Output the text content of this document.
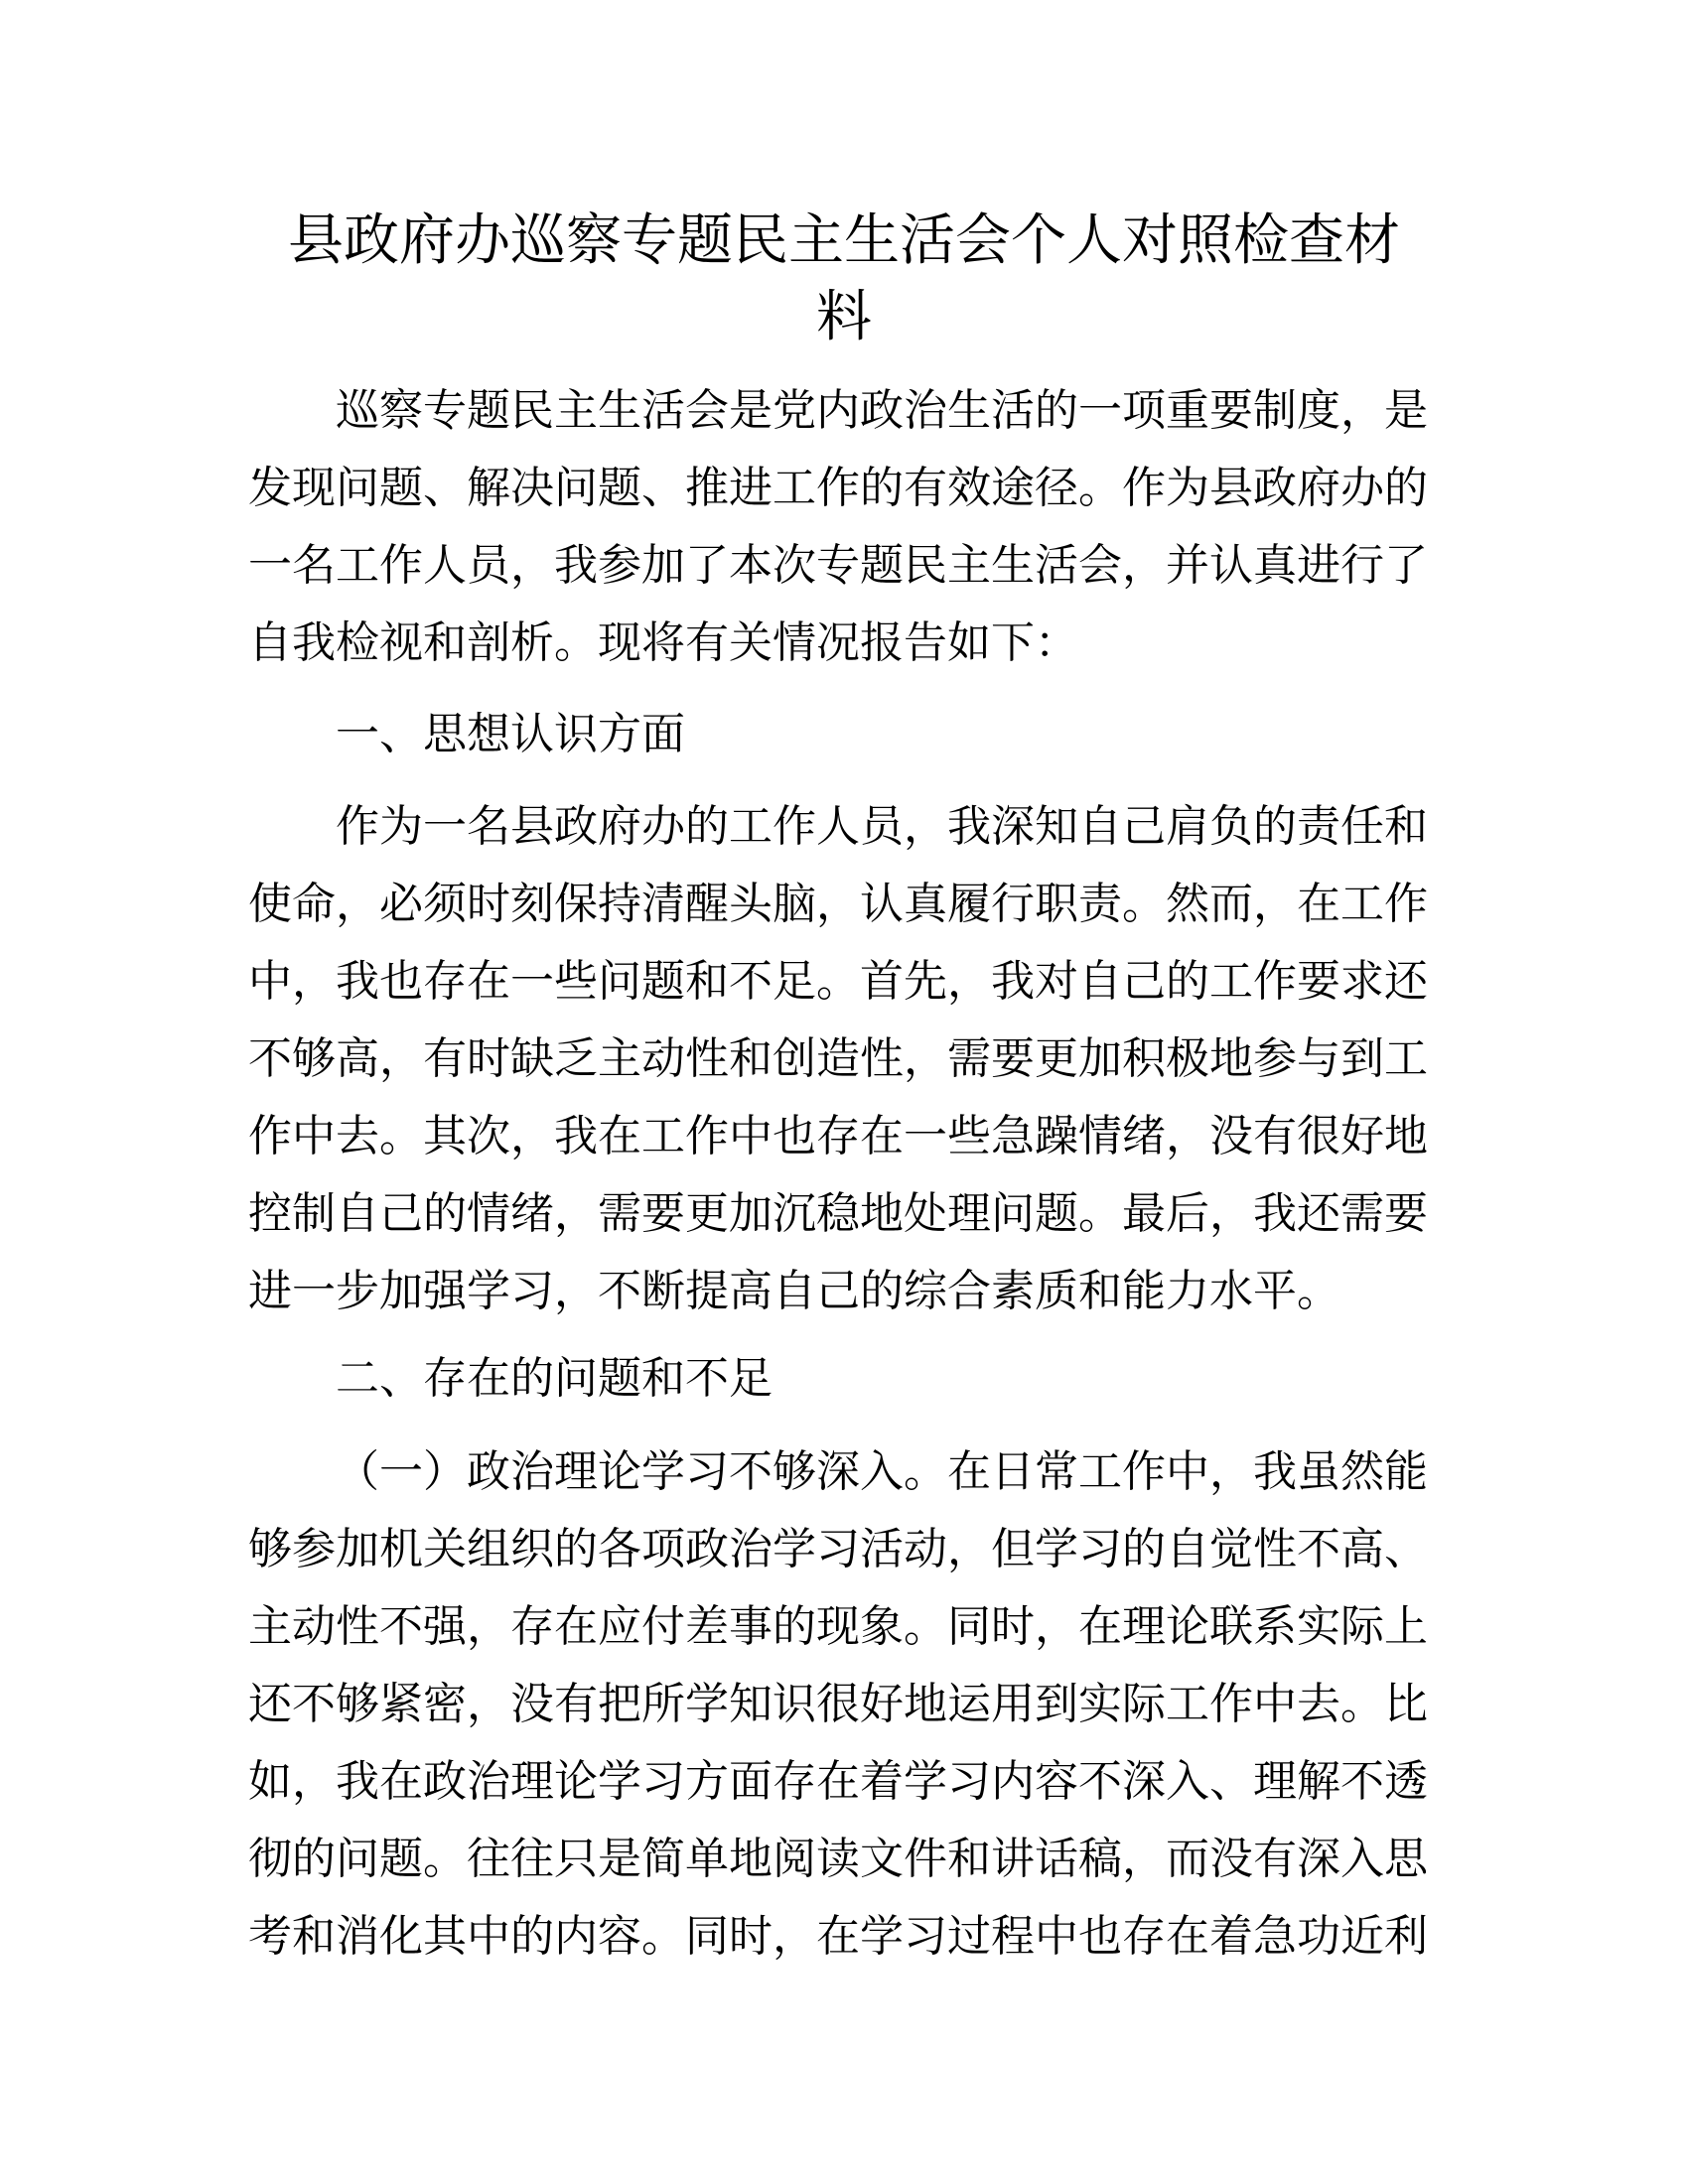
县政府办巡察专题民主生活会个人对照检查材
料
巡察专题民主生活会是党内政治生活的一项重要制度，是
发现问题、解决问题、推进工作的有效途径。作为县政府办的
一名工作人员，我参加了本次专题民主生活会，并认真进行了
自我检视和剖析。现将有关情况报告如下：
一、思想认识方面
作为一名县政府办的工作人员，我深知自己肩负的责任和
使命，必须时刻保持清醒头脑，认真履行职责。然而，在工作
中，我也存在一些问题和不足。首先，我对自己的工作要求还
不够高，有时缺乏主动性和创造性，需要更加积极地参与到工
作中去。其次，我在工作中也存在一些急躁情绪，没有很好地
控制自己的情绪，需要更加沉稳地处理问题。最后，我还需要
进一步加强学习，不断提高自己的综合素质和能力水平。
二、存在的问题和不足
（一）政治理论学习不够深入。在日常工作中，我虽然能
够参加机关组织的各项政治学习活动，但学习的自觉性不高、
主动性不强，存在应付差事的现象。同时，在理论联系实际上
还不够紧密，没有把所学知识很好地运用到实际工作中去。比
如，我在政治理论学习方面存在着学习内容不深入、理解不透
彻的问题。往往只是简单地阅读文件和讲话稿，而没有深入思
考和消化其中的内容。同时，在学习过程中也存在着急功近利
